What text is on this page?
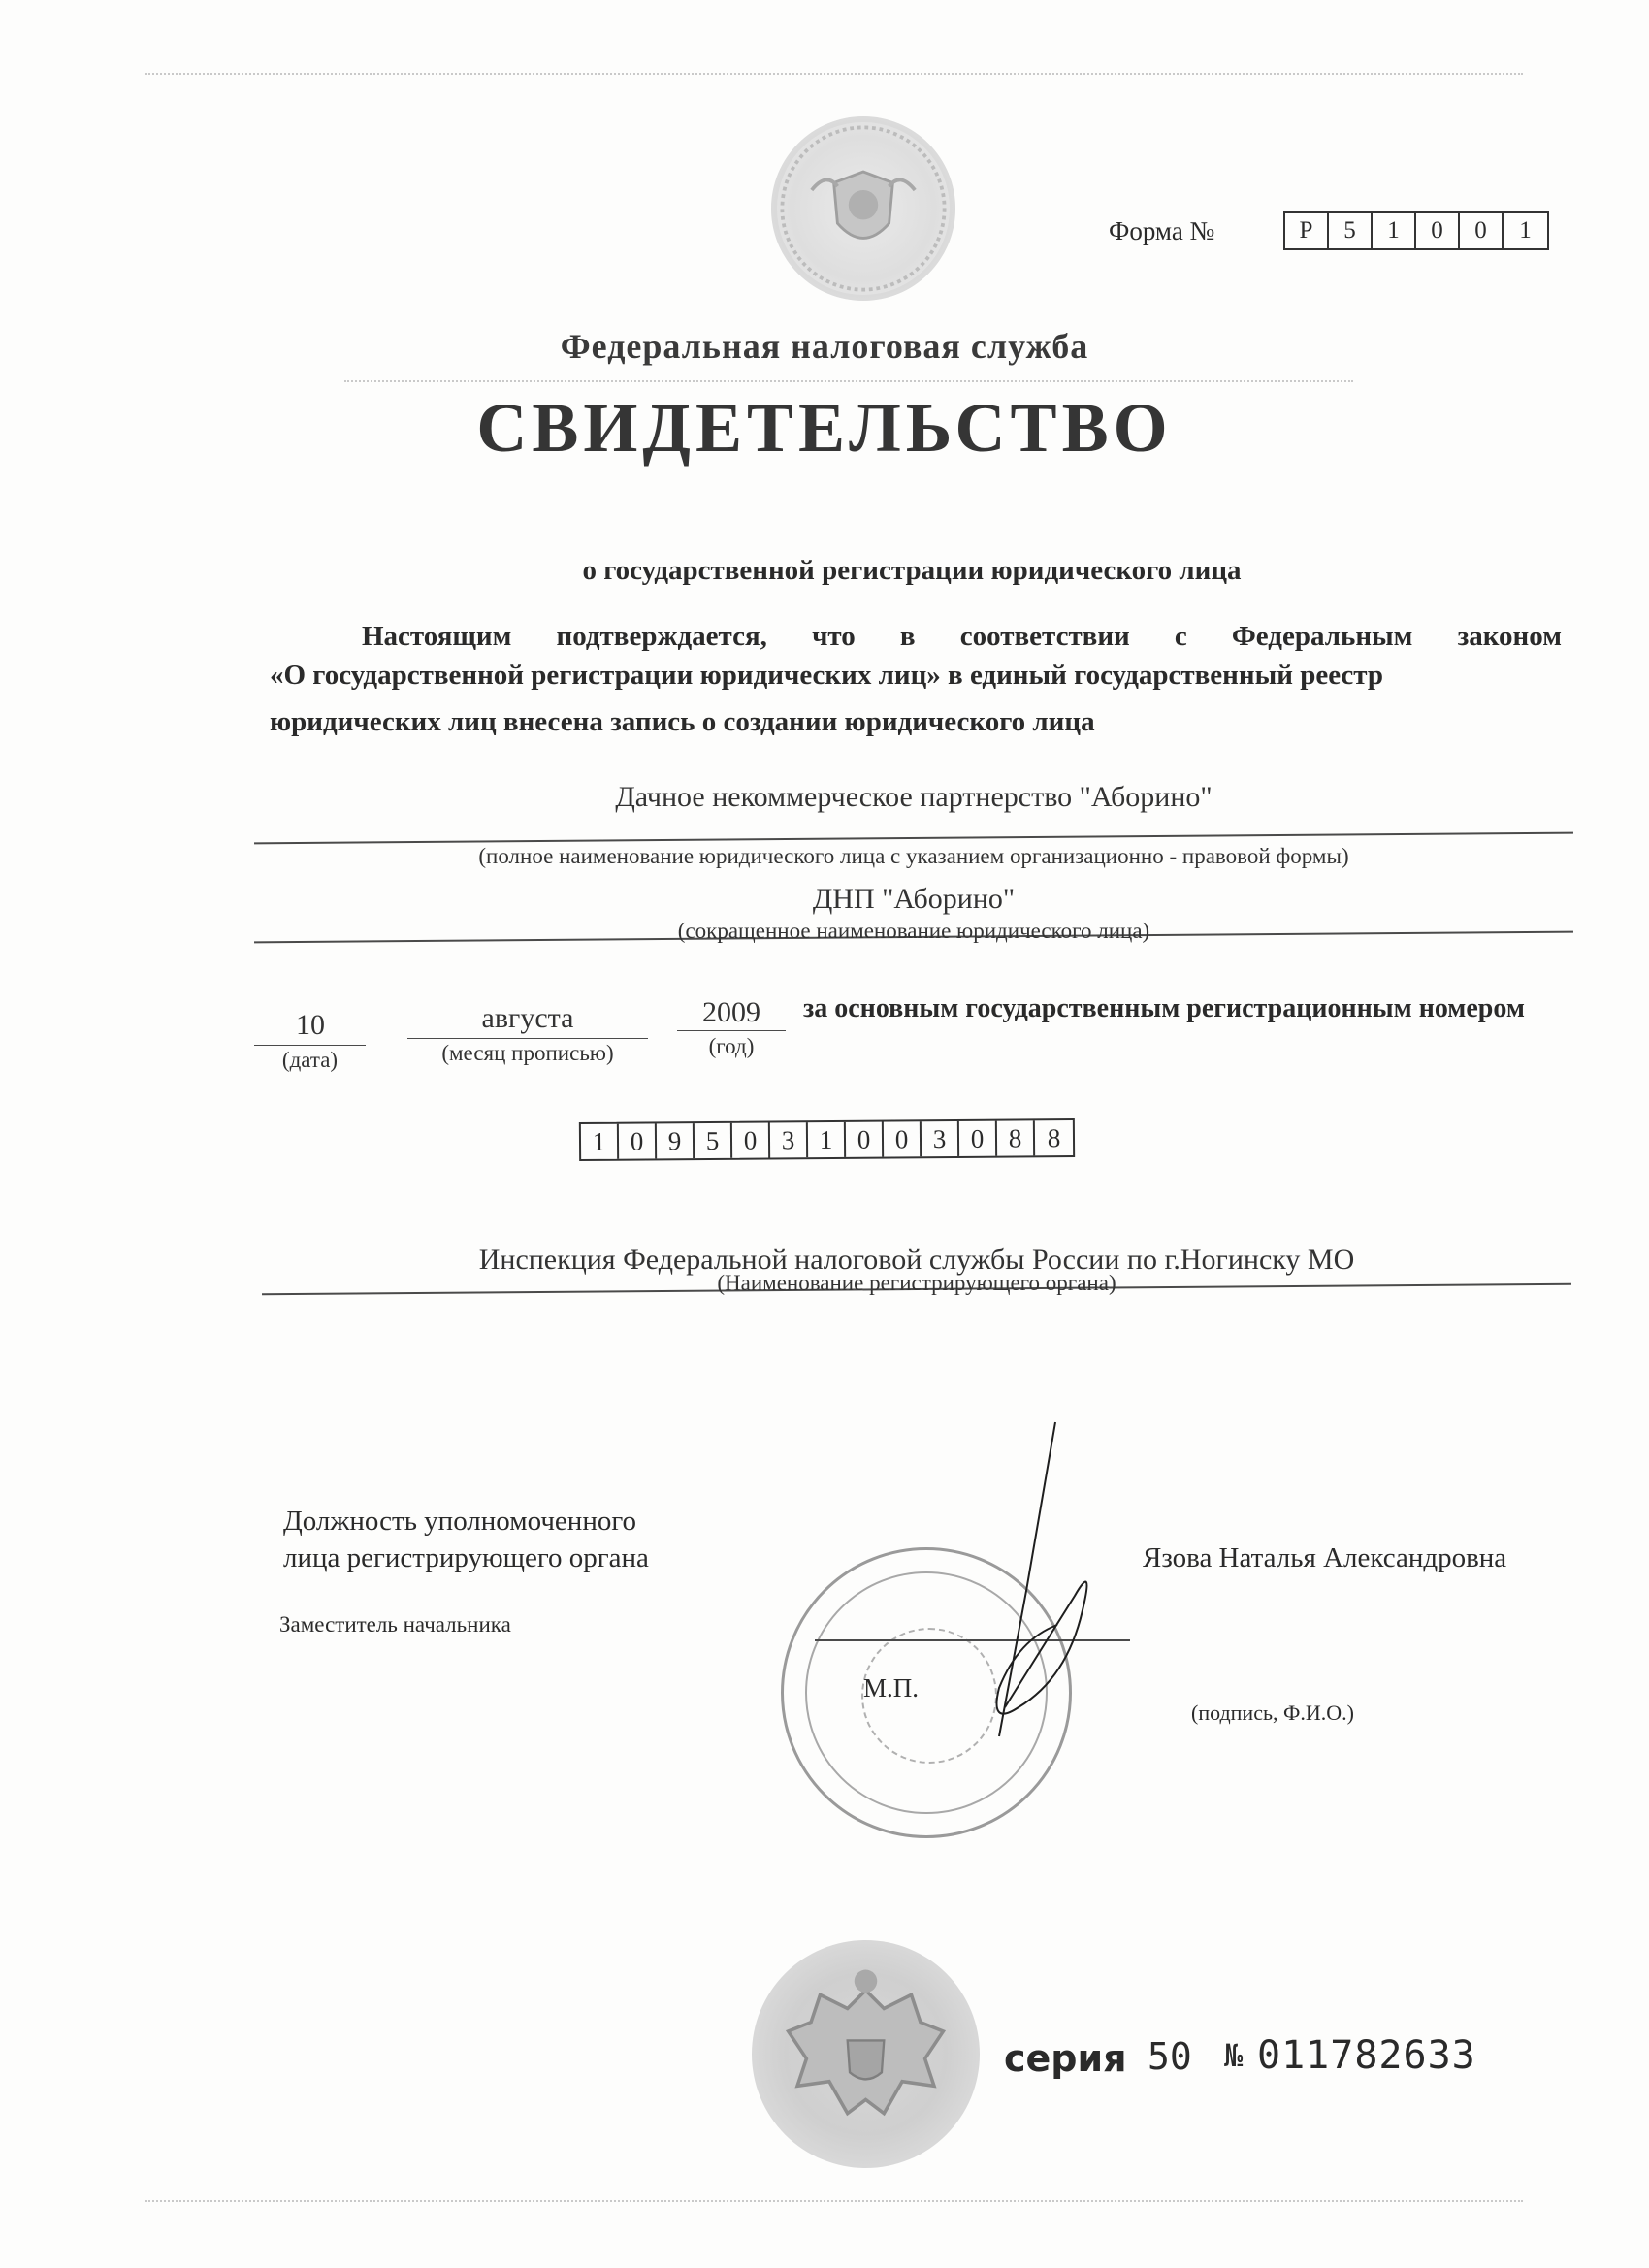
Форма №	Р	5	1	0	0	1
Федеральная налоговая служба
СВИДЕТЕЛЬСТВО
о государственной регистрации юридического лица
Настоящим подтверждается, что в соответствии с Федеральным законом
«О государственной регистрации юридических лиц» в единый государственный реестр
юридических лиц внесена запись о создании юридического лица
Дачное некоммерческое партнерство "Аборино"
(полное наименование юридического лица с указанием организационно - правовой формы)
ДНП "Аборино"
(сокращенное наименование юридического лица)
10
(дата)
августа
(месяц прописью)
2009
(год)
за основным государственным регистрационным номером
1 0 9 5 0 3 1 0 0 3 0 8 8
Инспекция Федеральной налоговой службы России по г.Ногинску МО
(Наименование регистрирующего органа)
Должность уполномоченного
лица регистрирующего органа
Заместитель начальника
М.П.
Язова Наталья Александровна
(подпись, Ф.И.О.)
серия 50 № 011782633
